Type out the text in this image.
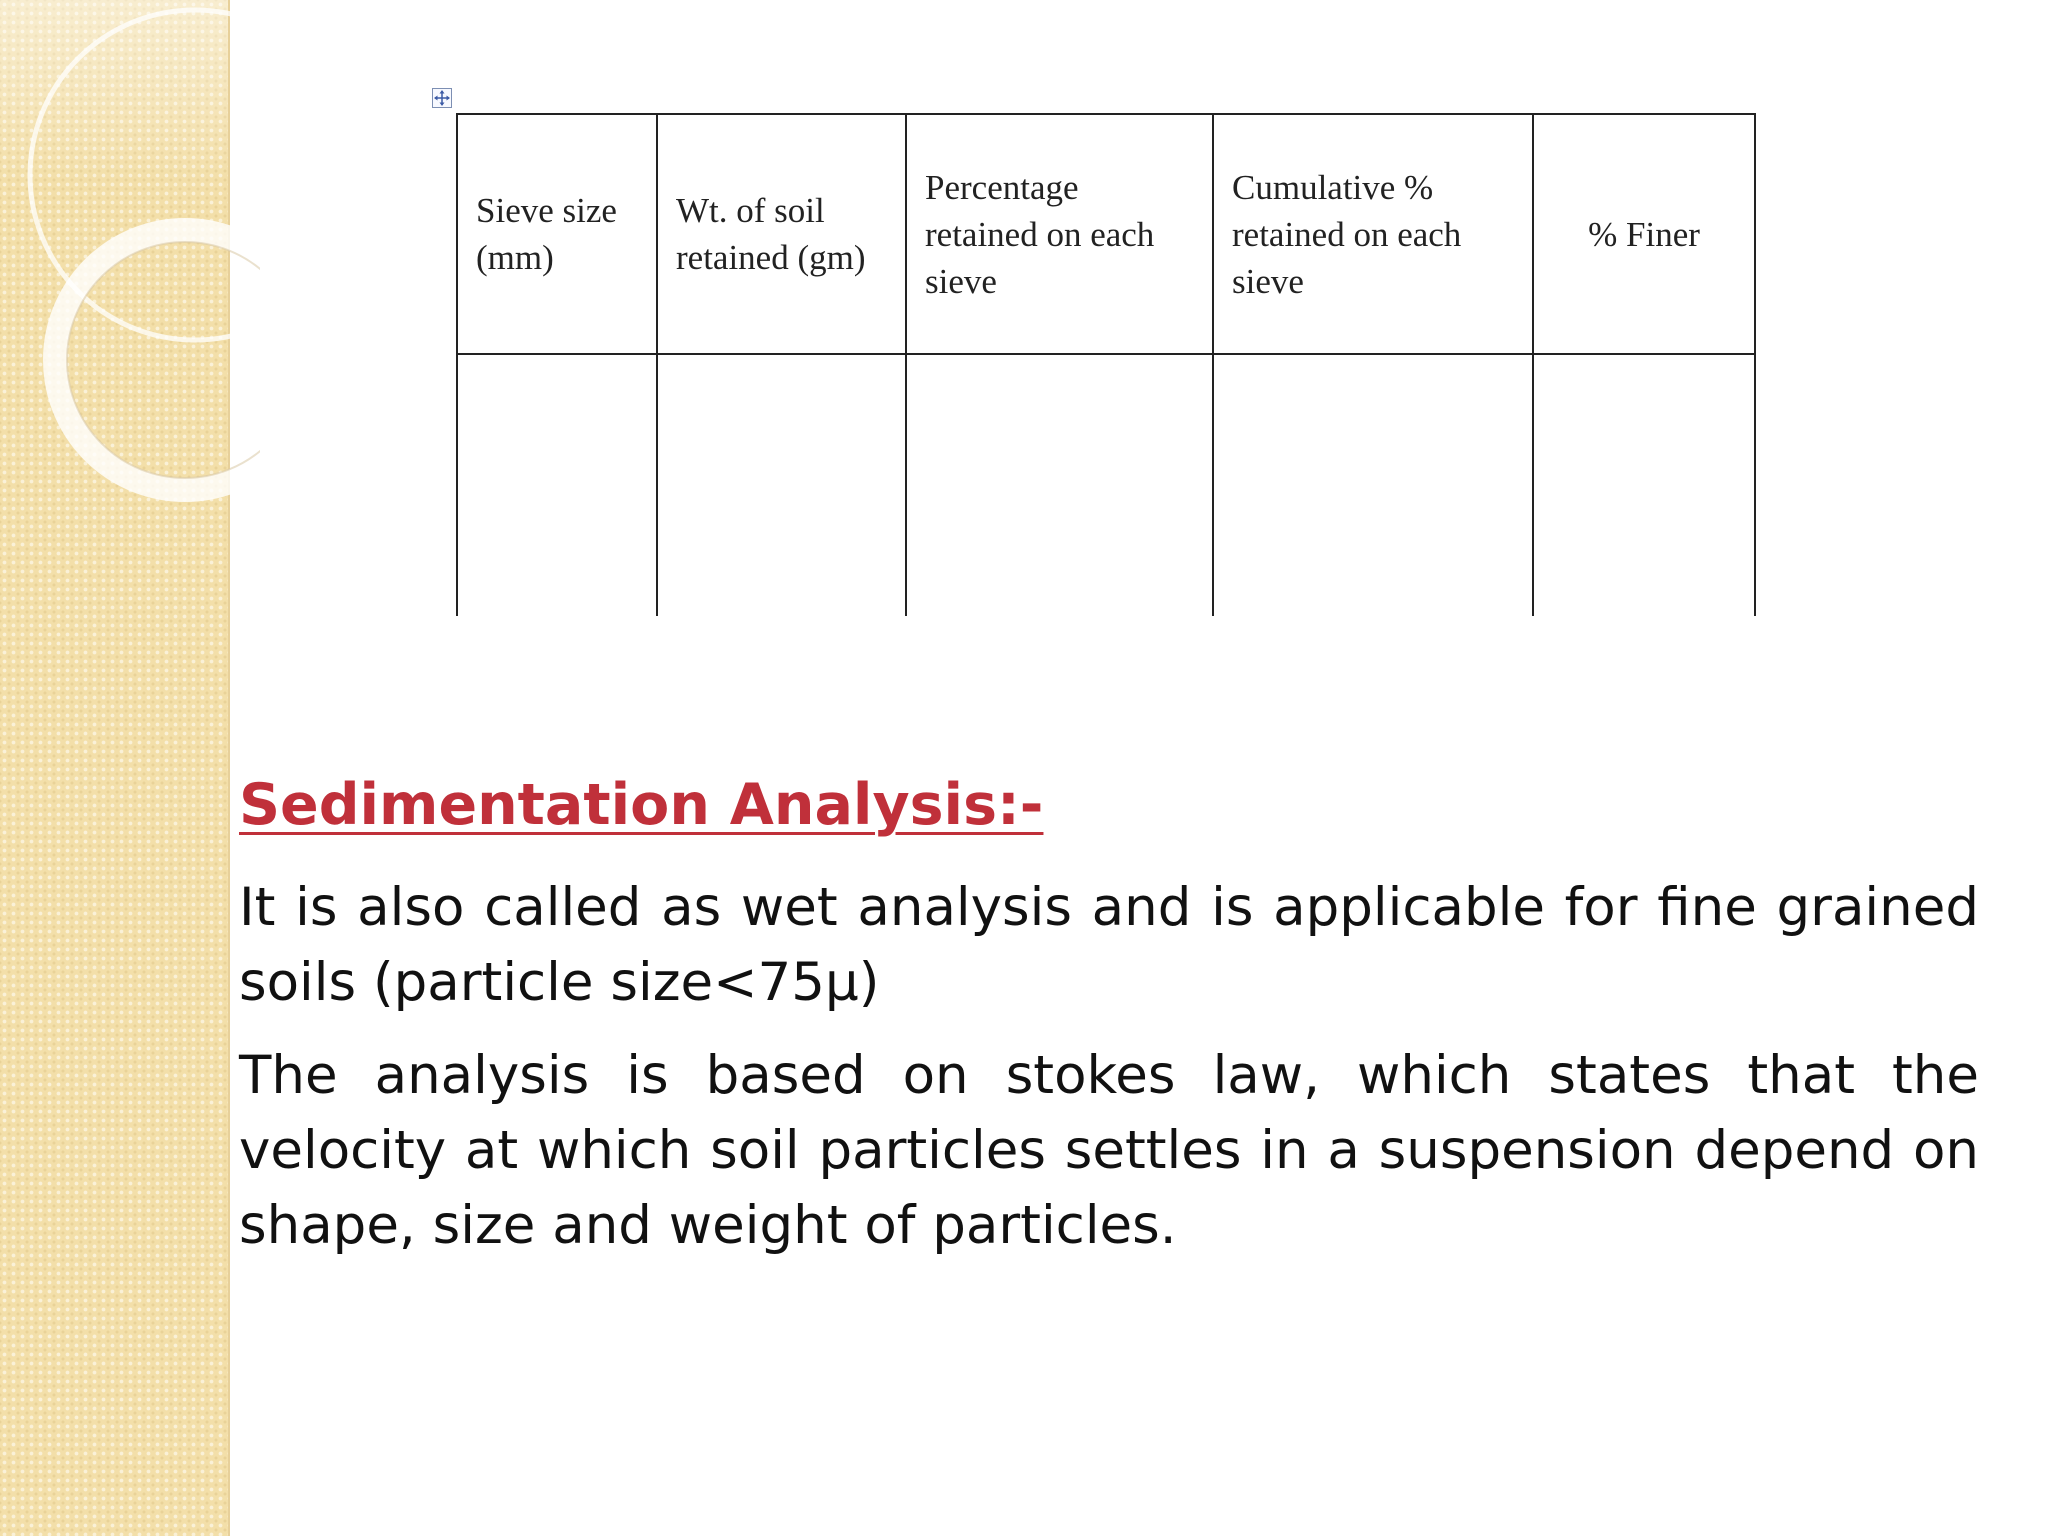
Sieve size (mm)	Wt. of soil retained (gm)	Percentage retained on each sieve	Cumulative % retained on each sieve	% Finer

Sedimentation Analysis:-

It is also called as wet analysis and is applicable for fine grained soils (particle size<75μ)

The analysis is based on stokes law, which states that the velocity at which soil particles settles in a suspension depend on shape, size and weight of particles.
